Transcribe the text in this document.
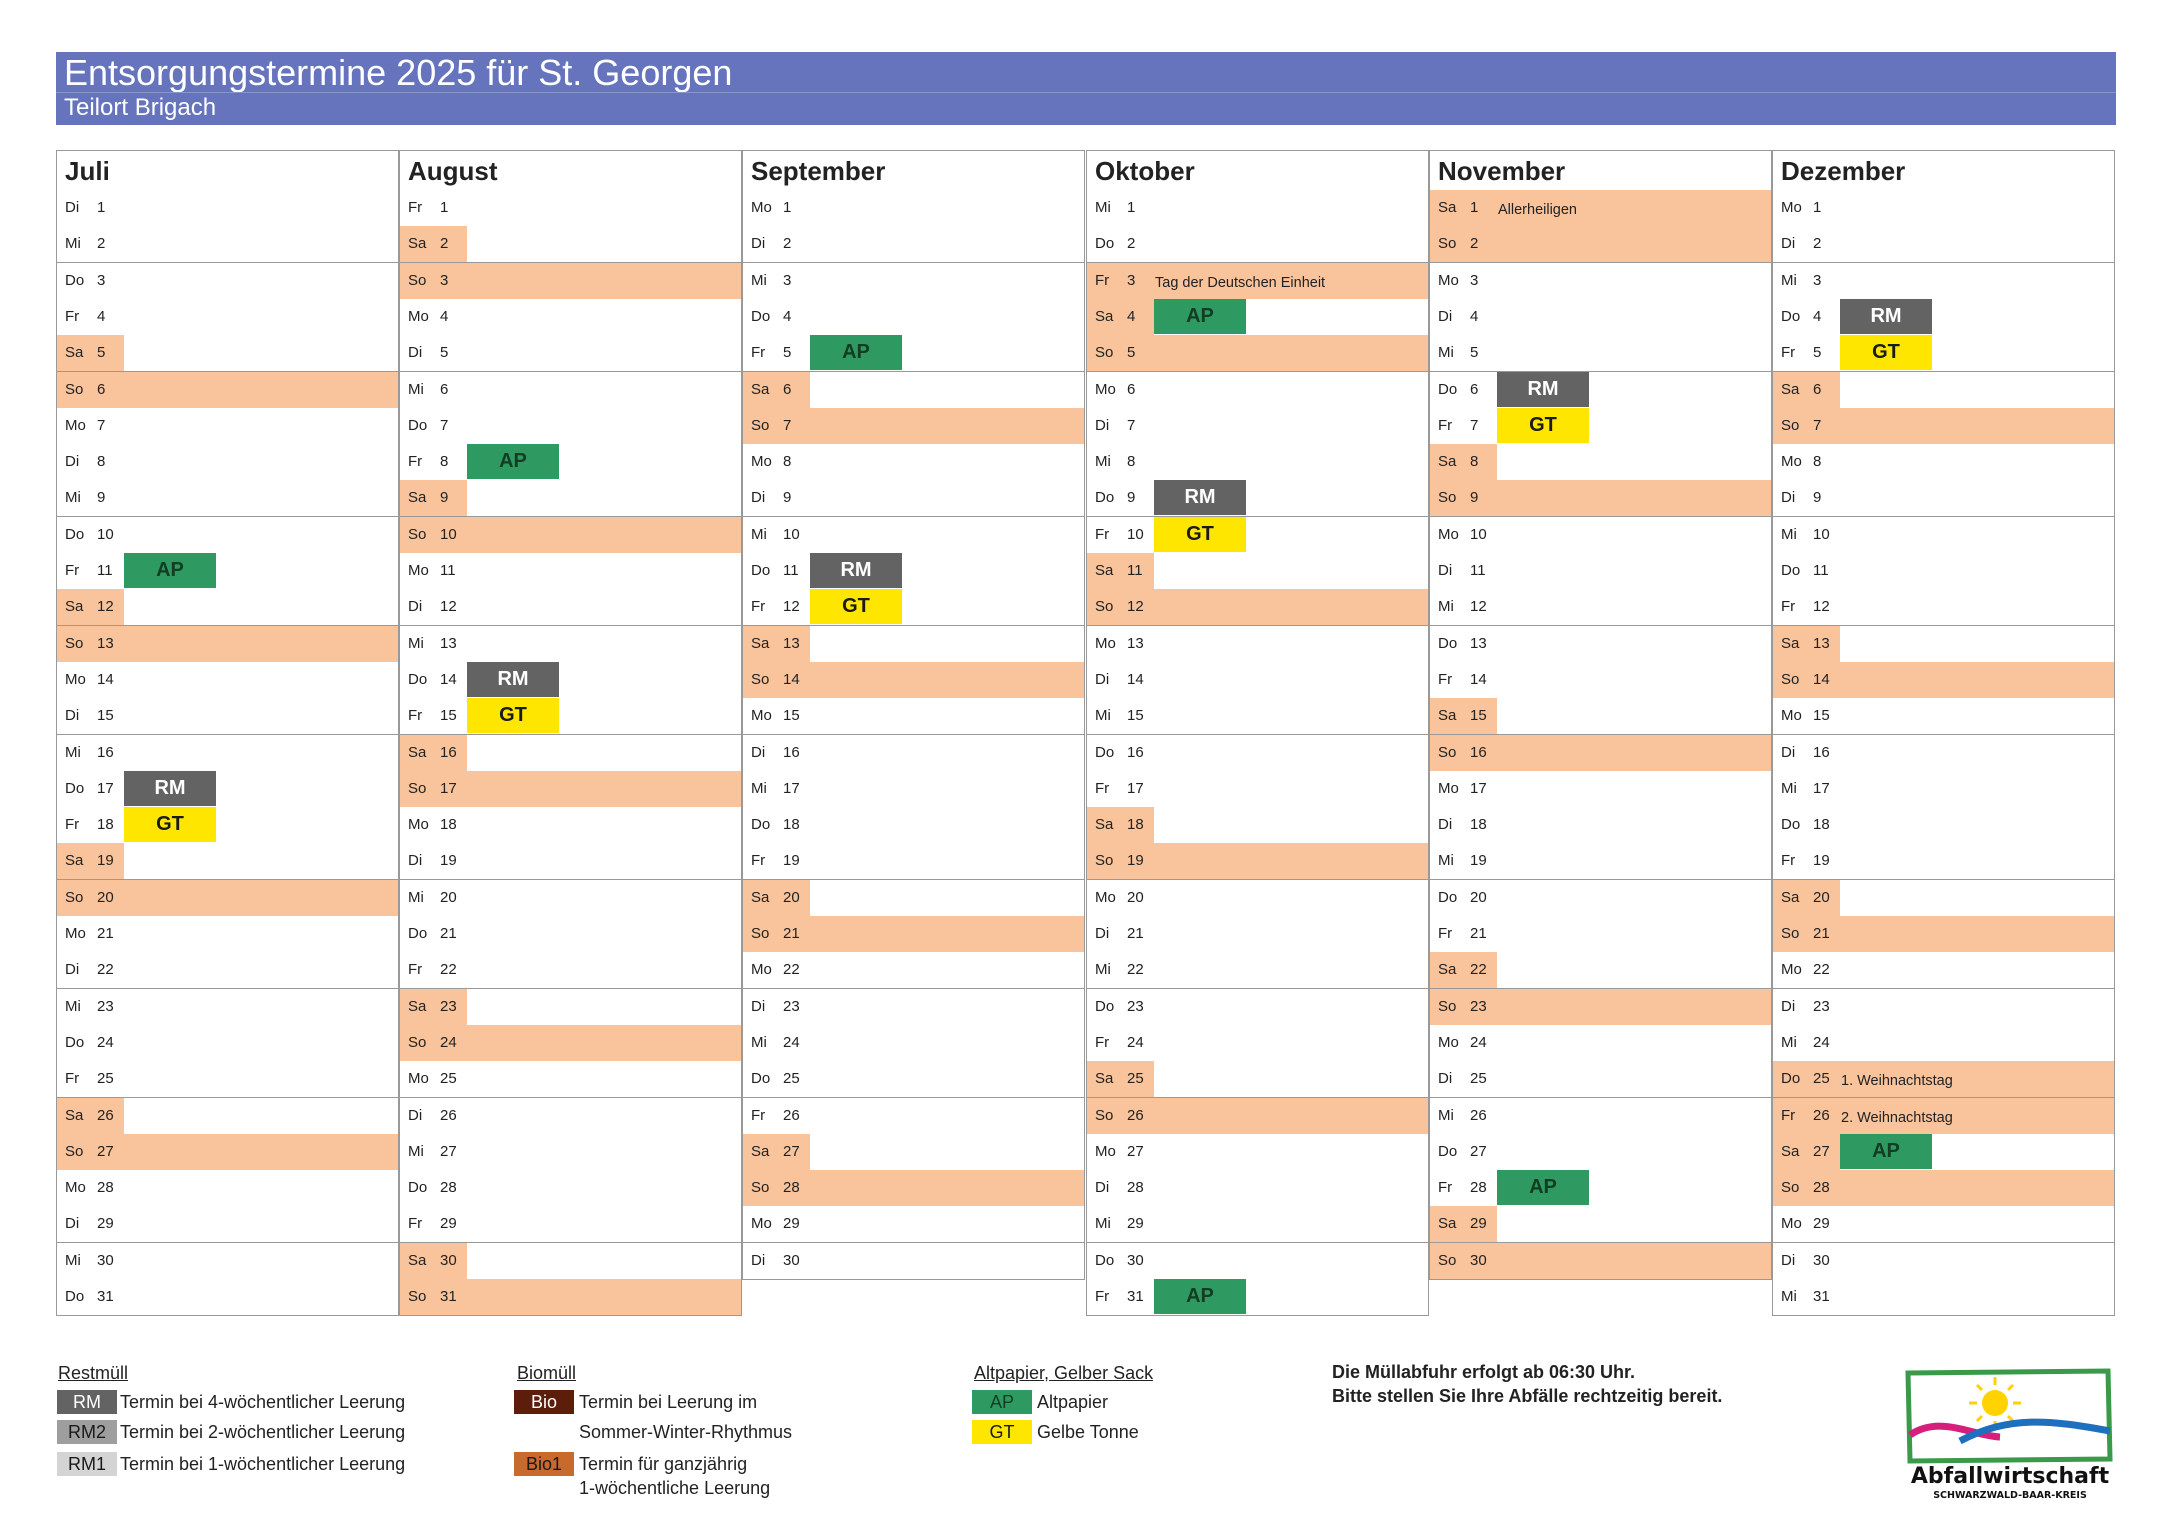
Entsorgungstermine 2025 für St. Georgen
Teilort Brigach
Juli
Di 1
Mi 2
Do 3
Fr 4
Sa 5
So 6
Mo 7
Di 8
Mi 9
Do 10
Fr 11	AP
Sa 12
So 13
Mo 14
Di 15
Mi 16
Do 17	RM
Fr 18	GT
Sa 19
So 20
Mo 21
Di 22
Mi 23
Do 24
Fr 25
Sa 26
So 27
Mo 28
Di 29
Mi 30
Do 31
August
Fr 1
Sa 2
So 3
Mo 4
Di 5
Mi 6
Do 7
Fr 8	AP
Sa 9
So 10
Mo 11
Di 12
Mi 13
Do 14	RM
Fr 15	GT
Sa 16
So 17
Mo 18
Di 19
Mi 20
Do 21
Fr 22
Sa 23
So 24
Mo 25
Di 26
Mi 27
Do 28
Fr 29
Sa 30
So 31
September
Mo 1
Di 2
Mi 3
Do 4
Fr 5	AP
Sa 6
So 7
Mo 8
Di 9
Mi 10
Do 11	RM
Fr 12	GT
Sa 13
So 14
Mo 15
Di 16
Mi 17
Do 18
Fr 19
Sa 20
So 21
Mo 22
Di 23
Mi 24
Do 25
Fr 26
Sa 27
So 28
Mo 29
Di 30
Oktober
Mi 1
Do 2
Fr 3 Tag der Deutschen Einheit
Sa 4	AP
So 5
Mo 6
Di 7
Mi 8
Do 9	RM
Fr 10	GT
Sa 11
So 12
Mo 13
Di 14
Mi 15
Do 16
Fr 17
Sa 18
So 19
Mo 20
Di 21
Mi 22
Do 23
Fr 24
Sa 25
So 26
Mo 27
Di 28
Mi 29
Do 30
Fr 31	AP
November
Sa 1 Allerheiligen
So 2
Mo 3
Di 4
Mi 5
Do 6	RM
Fr 7	GT
Sa 8
So 9
Mo 10
Di 11
Mi 12
Do 13
Fr 14
Sa 15
So 16
Mo 17
Di 18
Mi 19
Do 20
Fr 21
Sa 22
So 23
Mo 24
Di 25
Mi 26
Do 27
Fr 28	AP
Sa 29
So 30
Dezember
Mo 1
Di 2
Mi 3
Do 4	RM
Fr 5	GT
Sa 6
So 7
Mo 8
Di 9
Mi 10
Do 11
Fr 12
Sa 13
So 14
Mo 15
Di 16
Mi 17
Do 18
Fr 19
Sa 20
So 21
Mo 22
Di 23
Mi 24
Do 25 1. Weihnachtstag
Fr 26 2. Weihnachtstag
Sa 27	AP
So 28
Mo 29
Di 30
Mi 31
Restmüll
RM	Termin bei 4-wöchentlicher Leerung
RM2 Termin bei 2-wöchentlicher Leerung
RM1 Termin bei 1-wöchentlicher Leerung
Biomüll
Bio	Termin bei Leerung im
Sommer-Winter-Rhythmus
Bio1 Termin für ganzjährig
1-wöchentliche Leerung
Altpapier, Gelber Sack
AP	Altpapier
GT	Gelbe Tonne
Die Müllabfuhr erfolgt ab 06:30 Uhr.
Bitte stellen Sie Ihre Abfälle rechtzeitig bereit.
Abfallwirtschaft
SCHWARZWALD-BAAR-KREIS
